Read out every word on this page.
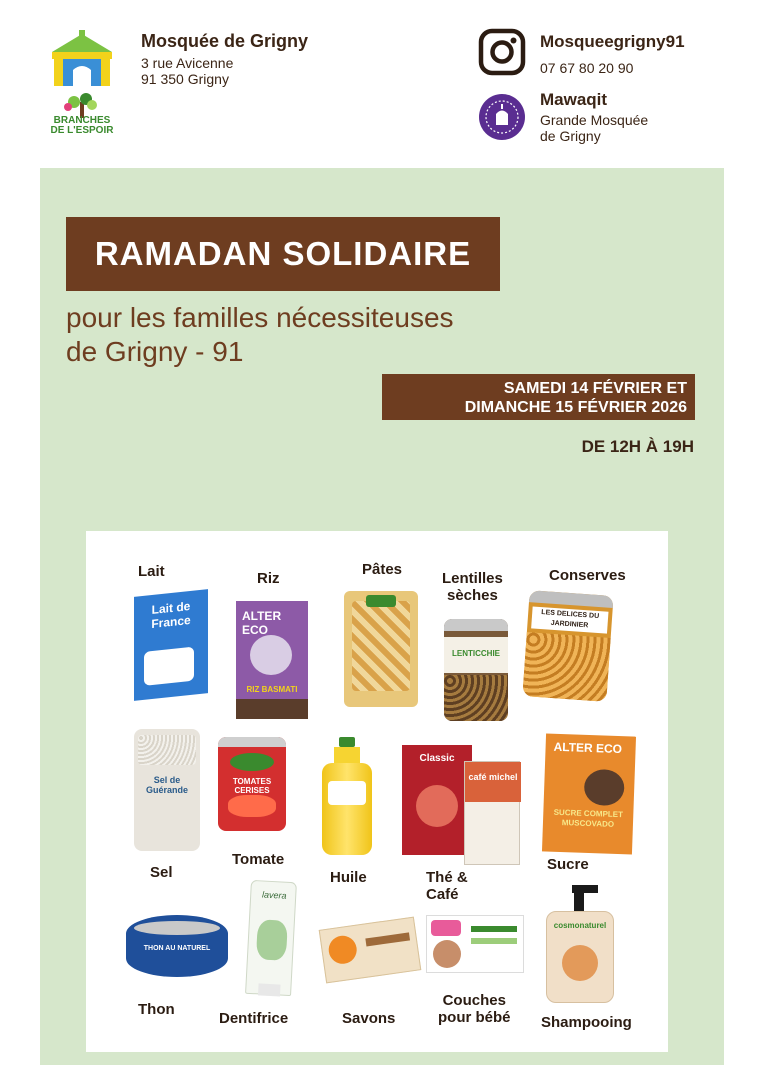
BRANCHES
DE L'ESPOIR
Mosquée de Grigny
3 rue Avicenne
91 350 Grigny
Mosqueegrigny91
07 67 80 20 90
Mawaqit
Grande Mosquée
de Grigny
RAMADAN SOLIDAIRE
pour les familles nécessiteuses
de Grigny - 91
SAMEDI 14 FÉVRIER ET
DIMANCHE 15 FÉVRIER 2026
DE 12H À 19H
Lait	Riz
Pâtes
Lentilles
sèches
Conserves
Lait de France	ALTER ECO
RIZ BASMATI
LENTICCHIE
LES DELICES DU JARDINIER
Sel de Guérande
TOMATES CERISES
Classic
café michel
ALTER ECO
SUCRE COMPLET MUSCOVADO
Sel
Tomate
Huile	Thé &
Café
Sucre
THON AU NATUREL
lavera
cosmonaturel
Thon
Dentifrice	Savons
Couches
pour bébé Shampooing
